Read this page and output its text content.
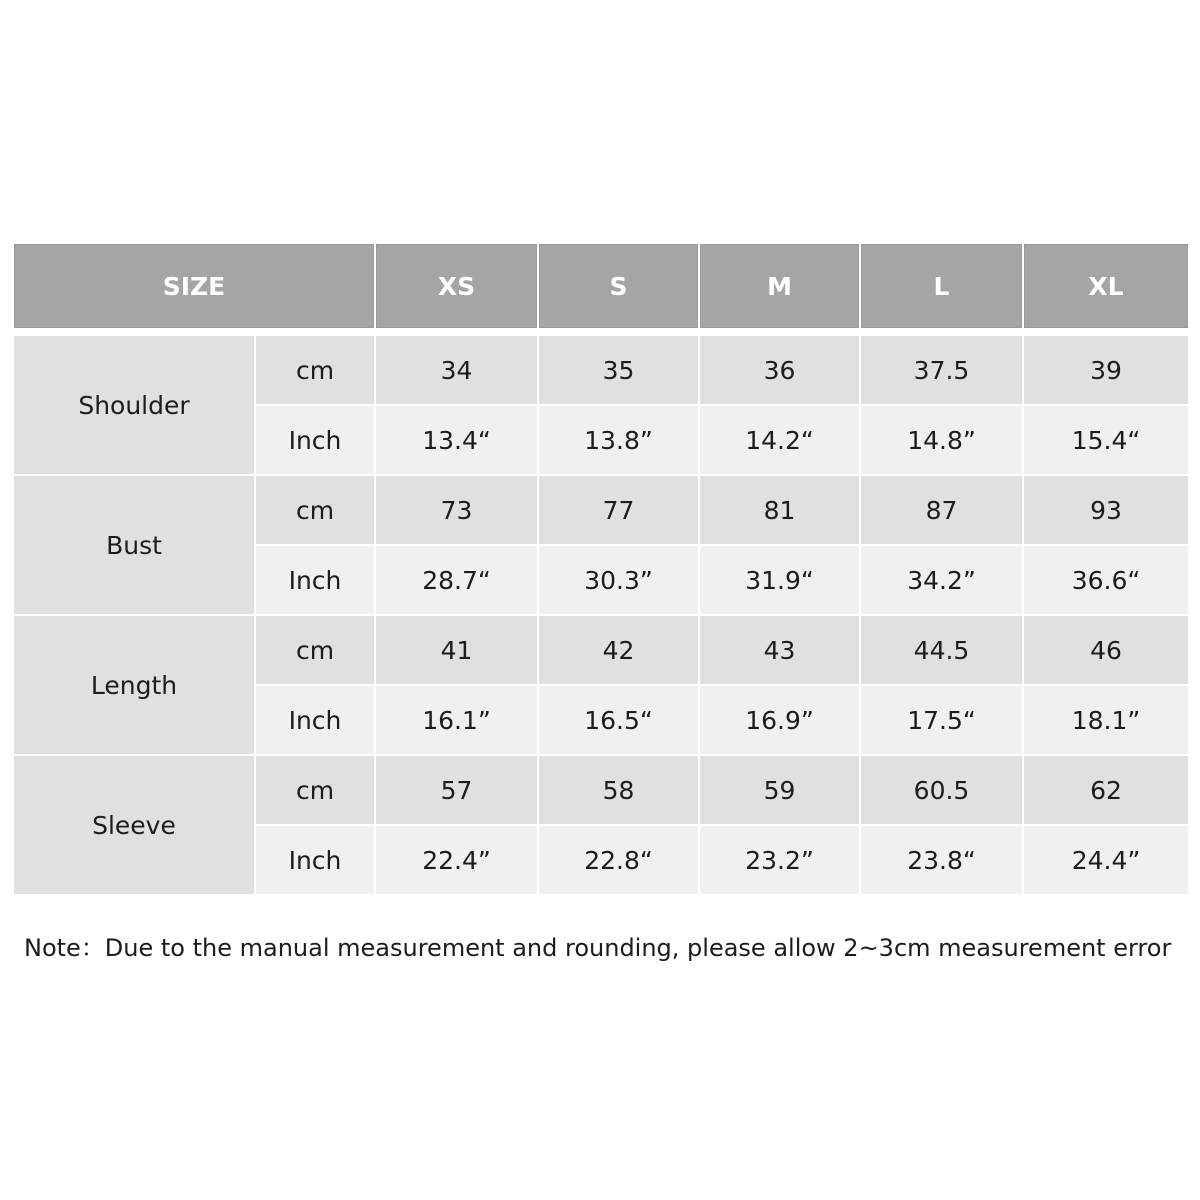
SIZE		XS	S	M	L	XL

Shoulder	cm	34	35	36	37.5	39
	Inch	13.4“	13.8”	14.2“	14.8”	15.4“
Bust	cm	73	77	81	87	93
	Inch	28.7“	30.3”	31.9“	34.2”	36.6“
Length	cm	41	42	43	44.5	46
	Inch	16.1”	16.5“	16.9”	17.5“	18.1”
Sleeve	cm	57	58	59	60.5	62
	Inch	22.4”	22.8“	23.2”	23.8“	24.4”
Note：Due to the manual measurement and rounding, please allow 2~3cm measurement error
